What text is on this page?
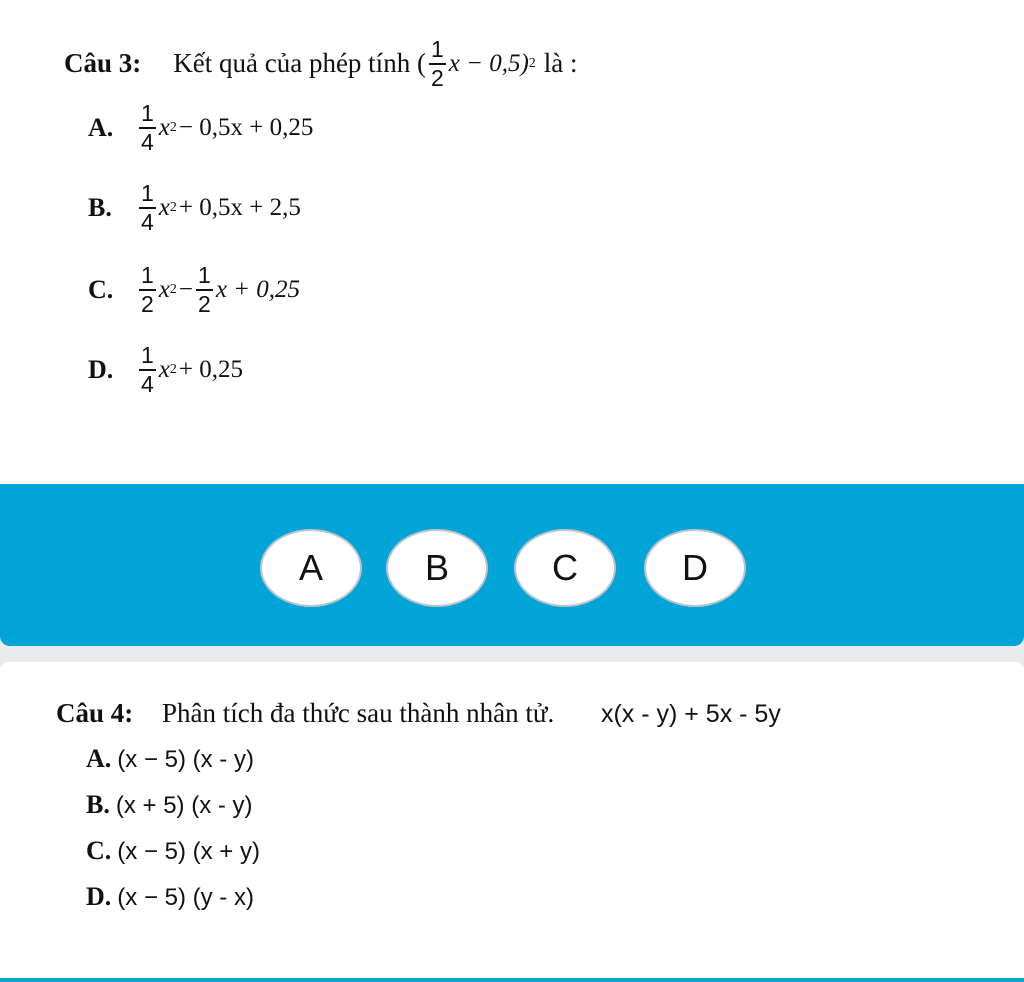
Câu 3: Kết quả của phép tính ( $\frac{1}{2}$ x − 0,5) 2 là :
A.	$\frac{1}{4}$ x 2 − 0,5x + 0,25
B.	$\frac{1}{4}$ x 2 + 0,5x + 2,5
C.	$\frac{1}{2}$ x $2 - \frac{1}{2}$ x + 0,25
D.	$\frac{1}{4}$ x 2 + 0,25
A	B	C	D
Câu 4: Phân tích đa thức sau thành nhân tử. x(x - y) + 5x - 5y
A. (x − 5) (x - y)
B. (x + 5) (x - y)
C. (x − 5) (x + y)
D. (x − 5) (y - x)
